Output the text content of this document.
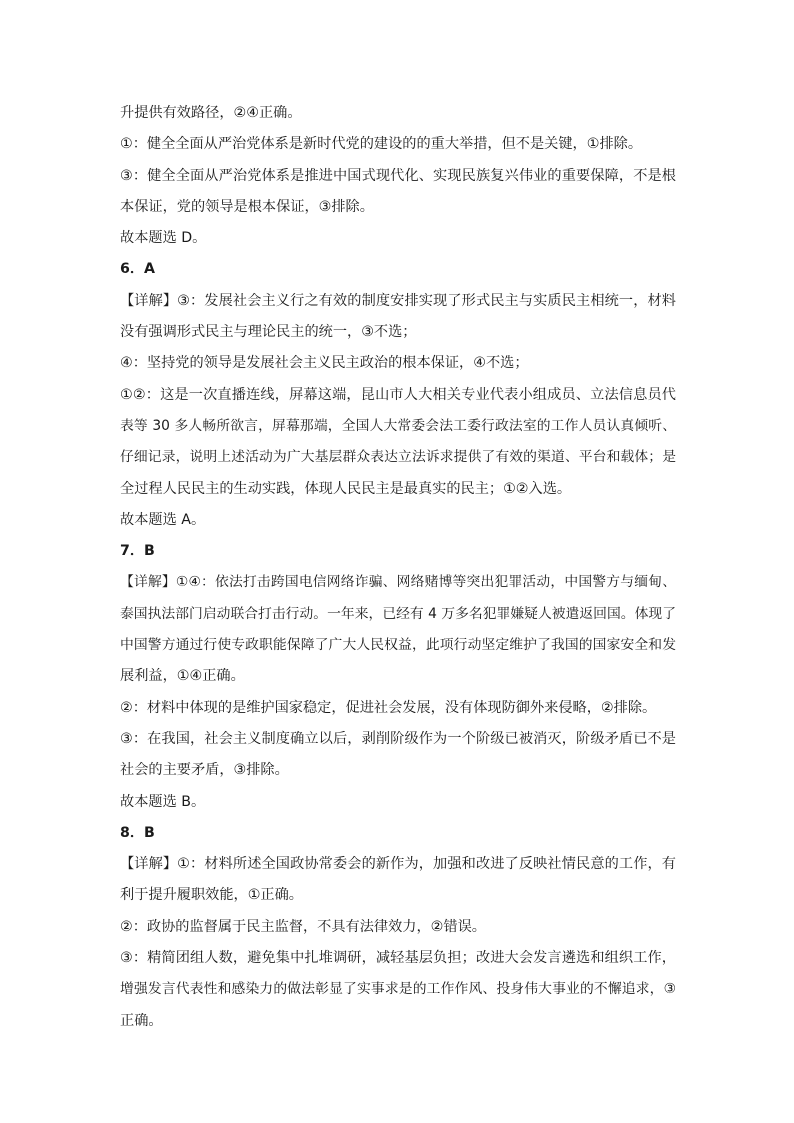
升提供有效路径，②④正确。
①：健全全面从严治党体系是新时代党的建设的的重大举措，但不是关键，①排除。
③：健全全面从严治党体系是推进中国式现代化、实现民族复兴伟业的重要保障，不是根
本保证，党的领导是根本保证，③排除。
故本题选 D。
6．A
【详解】③：发展社会主义行之有效的制度安排实现了形式民主与实质民主相统一，材料
没有强调形式民主与理论民主的统一，③不选；
④：坚持党的领导是发展社会主义民主政治的根本保证，④不选；
①②：这是一次直播连线，屏幕这端，昆山市人大相关专业代表小组成员、立法信息员代
表等 30 多人畅所欲言，屏幕那端，全国人大常委会法工委行政法室的工作人员认真倾听、
仔细记录，说明上述活动为广大基层群众表达立法诉求提供了有效的渠道、平台和载体；是
全过程人民民主的生动实践，体现人民民主是最真实的民主；①②入选。
故本题选 A。
7．B
【详解】①④：依法打击跨国电信网络诈骗、网络赌博等突出犯罪活动，中国警方与缅甸、
泰国执法部门启动联合打击行动。一年来，已经有 4 万多名犯罪嫌疑人被遣返回国。体现了
中国警方通过行使专政职能保障了广大人民权益，此项行动坚定维护了我国的国家安全和发
展利益，①④正确。
②：材料中体现的是维护国家稳定，促进社会发展，没有体现防御外来侵略，②排除。
③：在我国，社会主义制度确立以后，剥削阶级作为一个阶级已被消灭，阶级矛盾已不是
社会的主要矛盾，③排除。
故本题选 B。
8．B
【详解】①：材料所述全国政协常委会的新作为，加强和改进了反映社情民意的工作，有
利于提升履职效能，①正确。
②：政协的监督属于民主监督，不具有法律效力，②错误。
③：精简团组人数，避免集中扎堆调研，减轻基层负担；改进大会发言遴选和组织工作，
增强发言代表性和感染力的做法彰显了实事求是的工作作风、投身伟大事业的不懈追求，③
正确。
